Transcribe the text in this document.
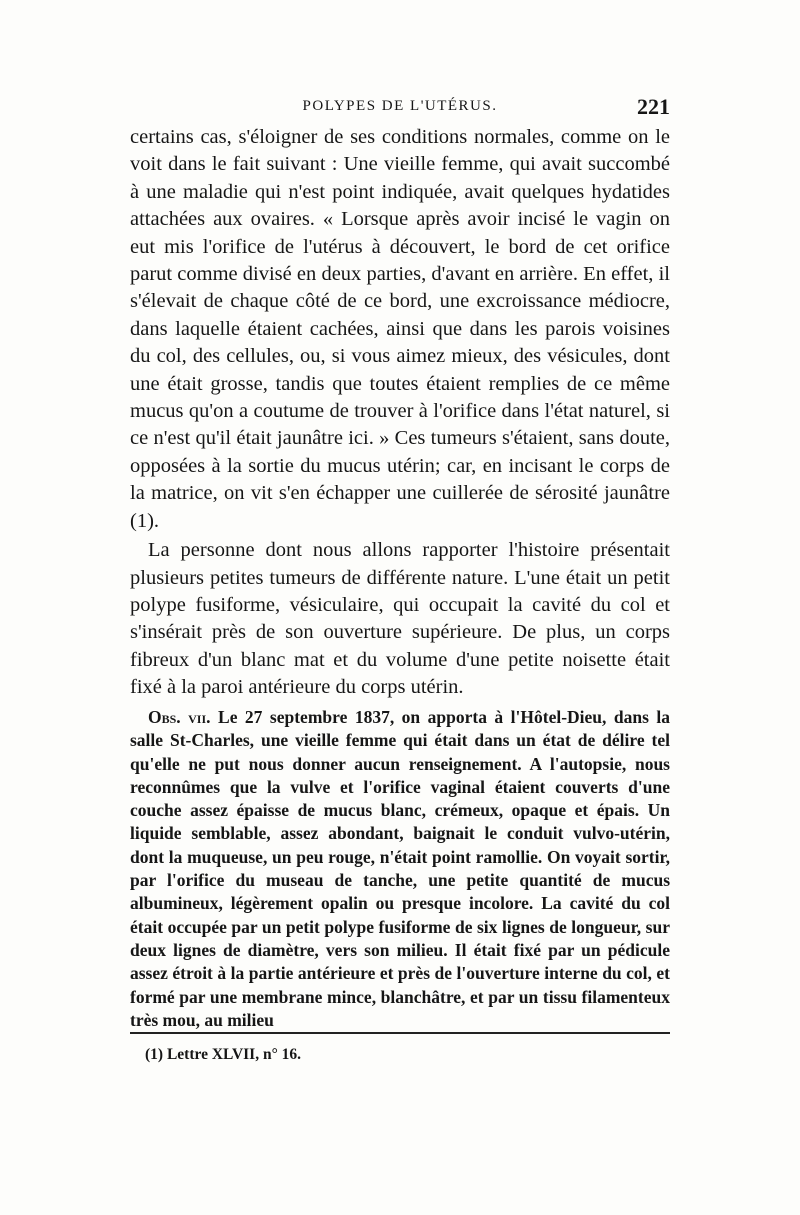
POLYPES DE L'UTÉRUS.	221

certains cas, s'éloigner de ses conditions normales, comme on le voit dans le fait suivant : Une vieille femme, qui avait succombé à une maladie qui n'est point indiquée, avait quelques hydatides attachées aux ovaires. « Lorsque après avoir incisé le vagin on eut mis l'orifice de l'utérus à découvert, le bord de cet orifice parut comme divisé en deux parties, d'avant en arrière. En effet, il s'élevait de chaque côté de ce bord, une excroissance médiocre, dans laquelle étaient cachées, ainsi que dans les parois voisines du col, des cellules, ou, si vous aimez mieux, des vésicules, dont une était grosse, tandis que toutes étaient remplies de ce même mucus qu'on a coutume de trouver à l'orifice dans l'état naturel, si ce n'est qu'il était jaunâtre ici. » Ces tumeurs s'étaient, sans doute, opposées à la sortie du mucus utérin; car, en incisant le corps de la matrice, on vit s'en échapper une cuillerée de sérosité jaunâtre (1).

La personne dont nous allons rapporter l'histoire présentait plusieurs petites tumeurs de différente nature. L'une était un petit polype fusiforme, vésiculaire, qui occupait la cavité du col et s'insérait près de son ouverture supérieure. De plus, un corps fibreux d'un blanc mat et du volume d'une petite noisette était fixé à la paroi antérieure du corps utérin.

Obs. vii. Le 27 septembre 1837, on apporta à l'Hôtel-Dieu, dans la salle St-Charles, une vieille femme qui était dans un état de délire tel qu'elle ne put nous donner aucun renseignement. A l'autopsie, nous reconnûmes que la vulve et l'orifice vaginal étaient couverts d'une couche assez épaisse de mucus blanc, crémeux, opaque et épais. Un liquide semblable, assez abondant, baignait le conduit vulvo-utérin, dont la muqueuse, un peu rouge, n'était point ramollie. On voyait sortir, par l'orifice du museau de tanche, une petite quantité de mucus albumineux, légèrement opalin ou presque incolore. La cavité du col était occupée par un petit polype fusiforme de six lignes de longueur, sur deux lignes de diamètre, vers son milieu. Il était fixé par un pédicule assez étroit à la partie antérieure et près de l'ouverture interne du col, et formé par une membrane mince, blanchâtre, et par un tissu filamenteux très mou, au milieu

(1) Lettre XLVII, n° 16.
